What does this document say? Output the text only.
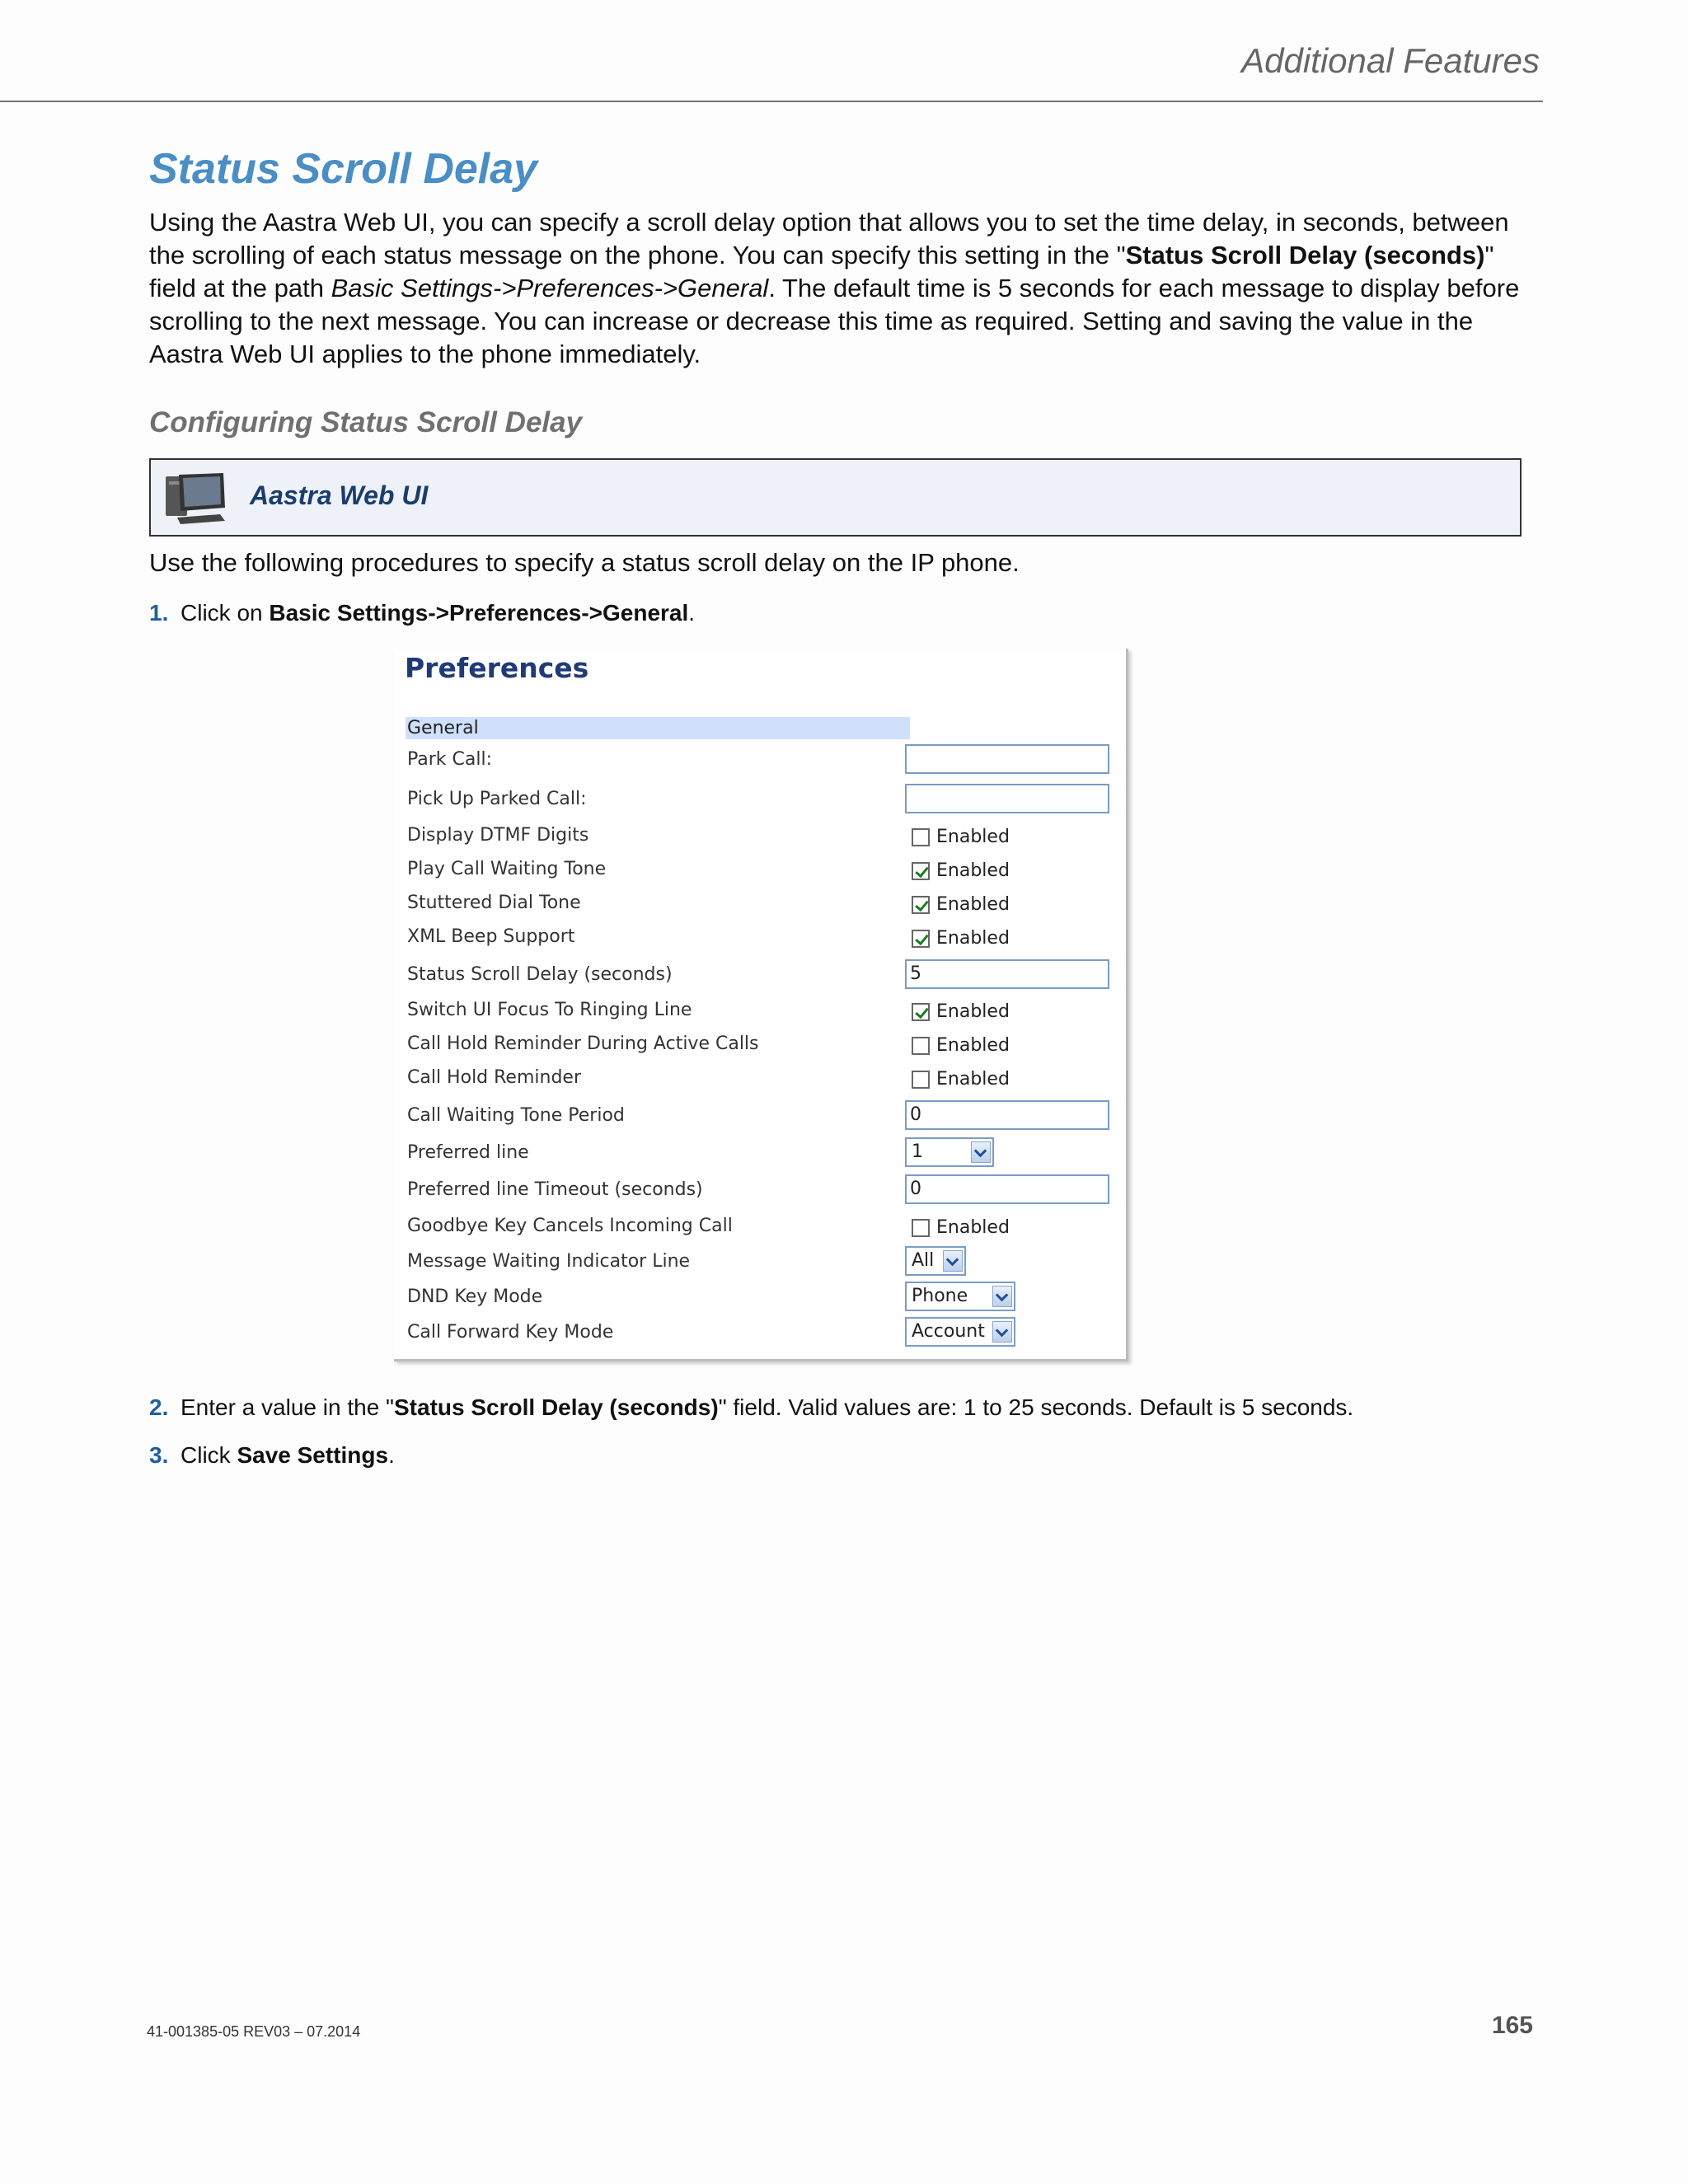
Additional Features
Status Scroll Delay
Using the Aastra Web UI, you can specify a scroll delay option that allows you to set the time delay, in seconds, between the scrolling of each status message on the phone. You can specify this setting in the "Status Scroll Delay (seconds)" field at the path Basic Settings->Preferences->General. The default time is 5 seconds for each message to display before scrolling to the next message. You can increase or decrease this time as required. Setting and saving the value in the Aastra Web UI applies to the phone immediately.
Configuring Status Scroll Delay
Aastra Web UI
Use the following procedures to specify a status scroll delay on the IP phone.
1. Click on Basic Settings->Preferences->General.
Preferences
General
Park Call:
Pick Up Parked Call:
Display DTMF Digits	Enabled
Play Call Waiting Tone	Enabled
Stuttered Dial Tone	Enabled
XML Beep Support	Enabled
Status Scroll Delay (seconds)	5
Switch UI Focus To Ringing Line	Enabled
Call Hold Reminder During Active Calls	Enabled
Call Hold Reminder	Enabled
Call Waiting Tone Period	0
Preferred line	1
Preferred line Timeout (seconds)	0
Goodbye Key Cancels Incoming Call	Enabled
Message Waiting Indicator Line	All
DND Key Mode	Phone
Call Forward Key Mode	Account
2. Enter a value in the "Status Scroll Delay (seconds)" field. Valid values are: 1 to 25 seconds. Default is 5 seconds.
3. Click Save Settings.
41-001385-05 REV03 – 07.2014	165
